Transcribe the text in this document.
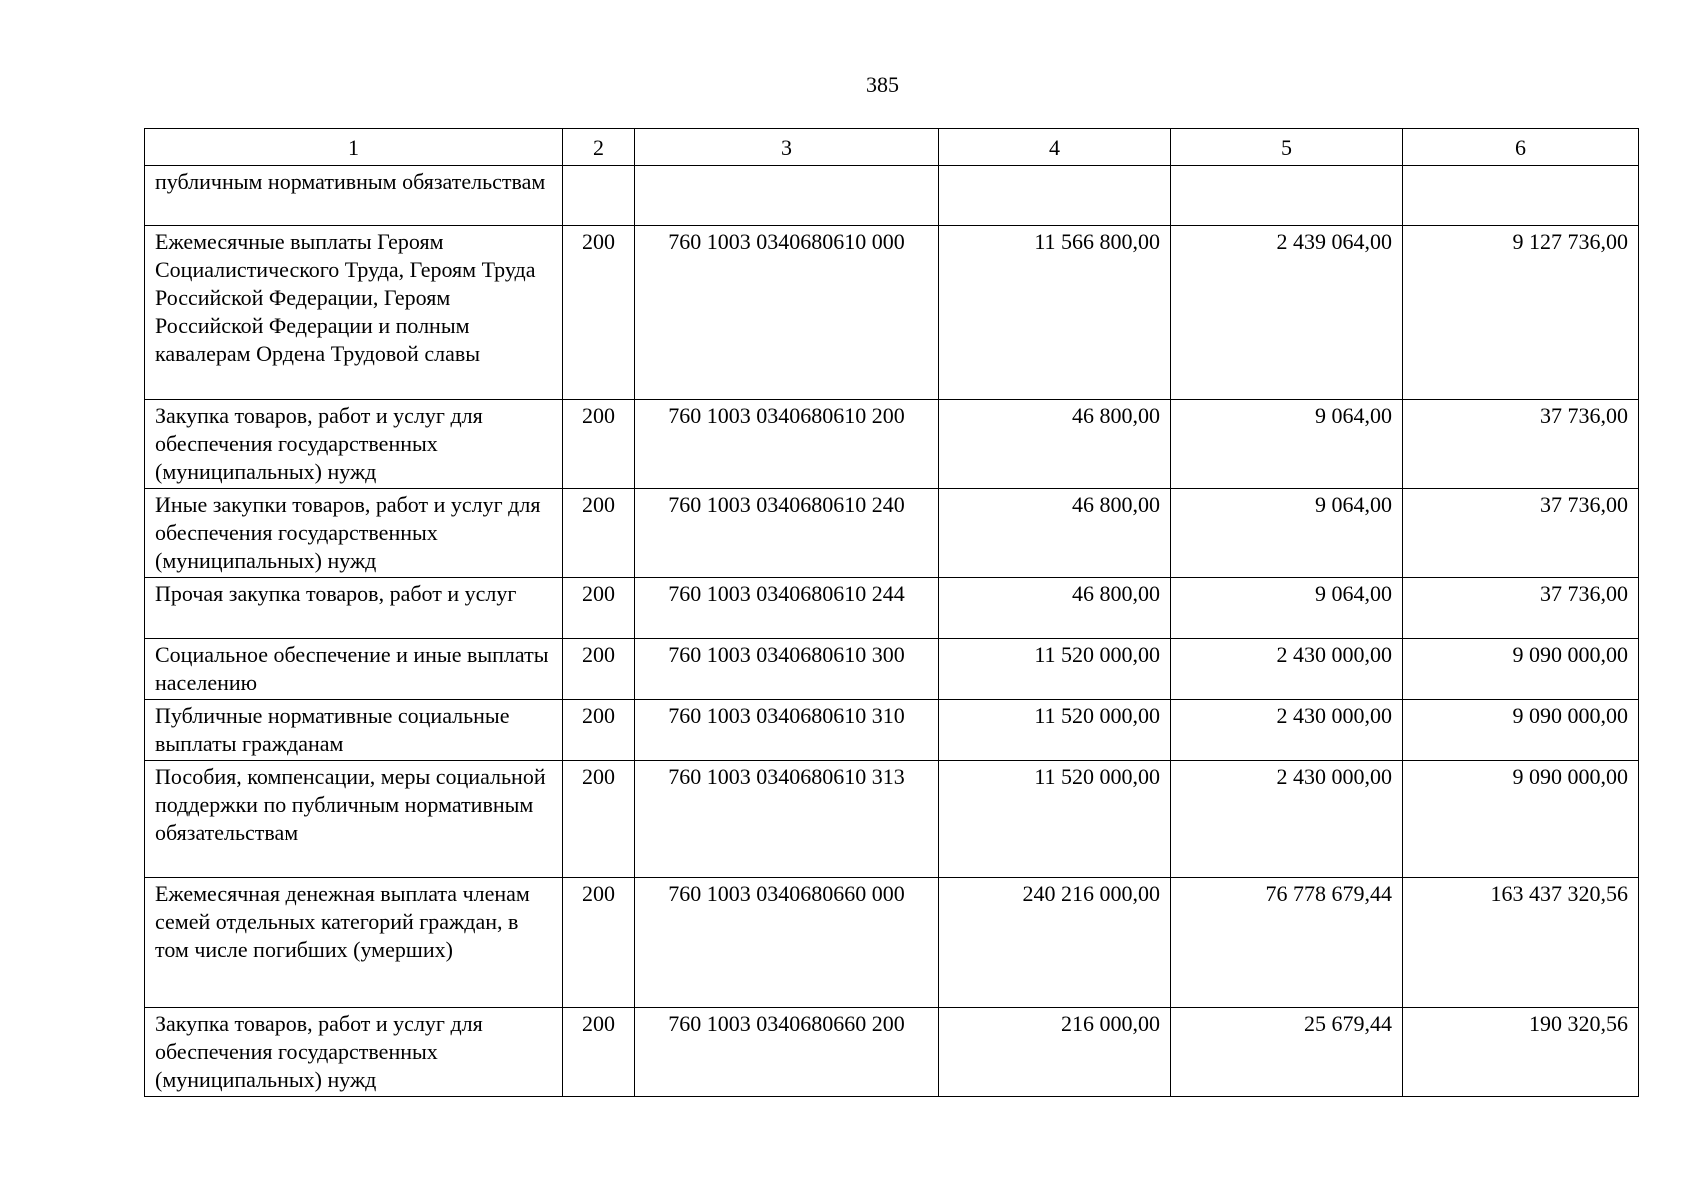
385
1	2	3	4	5	6
публичным нормативным обязательствам					
Ежемесячные выплаты Героям Социалистического Труда, Героям Труда Российской Федерации, Героям Российской Федерации и полным кавалерам Ордена Трудовой славы	200	760 1003 0340680610 000	11 566 800,00	2 439 064,00	9 127 736,00
Закупка товаров, работ и услуг для обеспечения государственных (муниципальных) нужд	200	760 1003 0340680610 200	46 800,00	9 064,00	37 736,00
Иные закупки товаров, работ и услуг для обеспечения государственных (муниципальных) нужд	200	760 1003 0340680610 240	46 800,00	9 064,00	37 736,00
Прочая закупка товаров, работ и услуг	200	760 1003 0340680610 244	46 800,00	9 064,00	37 736,00
Социальное обеспечение и иные выплаты населению	200	760 1003 0340680610 300	11 520 000,00	2 430 000,00	9 090 000,00
Публичные нормативные социальные выплаты гражданам	200	760 1003 0340680610 310	11 520 000,00	2 430 000,00	9 090 000,00
Пособия, компенсации, меры социальной поддержки по публичным нормативным обязательствам	200	760 1003 0340680610 313	11 520 000,00	2 430 000,00	9 090 000,00
Ежемесячная денежная выплата членам семей отдельных категорий граждан, в том числе погибших (умерших)	200	760 1003 0340680660 000	240 216 000,00	76 778 679,44	163 437 320,56
Закупка товаров, работ и услуг для обеспечения государственных (муниципальных) нужд	200	760 1003 0340680660 200	216 000,00	25 679,44	190 320,56
